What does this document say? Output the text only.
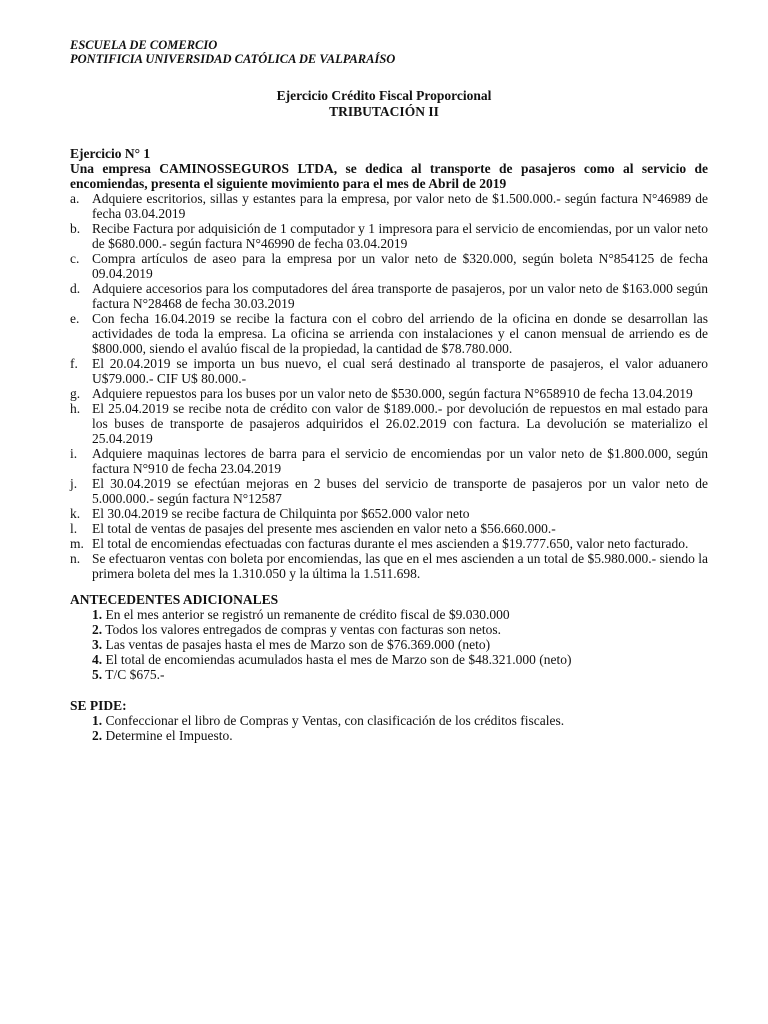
ESCUELA DE COMERCIO
PONTIFICIA UNIVERSIDAD CATÓLICA DE VALPARAÍSO
Ejercicio Crédito Fiscal Proporcional
TRIBUTACIÓN II
Ejercicio N° 1
Una empresa CAMINOSSEGUROS LTDA, se dedica al transporte de pasajeros como al servicio de encomiendas, presenta el siguiente movimiento para el mes de Abril de 2019
a. Adquiere escritorios, sillas y estantes para la empresa, por valor neto de $1.500.000.- según factura N°46989 de fecha 03.04.2019
b. Recibe Factura por adquisición de 1 computador y 1 impresora para el servicio de encomiendas, por un valor neto de $680.000.- según factura N°46990 de fecha 03.04.2019
c. Compra artículos de aseo para la empresa por un valor neto de $320.000, según boleta N°854125 de fecha 09.04.2019
d. Adquiere accesorios para los computadores del área transporte de pasajeros, por un valor neto de $163.000 según factura N°28468 de fecha 30.03.2019
e. Con fecha 16.04.2019 se recibe la factura con el cobro del arriendo de la oficina en donde se desarrollan las actividades de toda la empresa. La oficina se arrienda con instalaciones y el canon mensual de arriendo es de $800.000, siendo el avalúo fiscal de la propiedad, la cantidad de $78.780.000.
f.	El 20.04.2019 se importa un bus nuevo, el cual será destinado al transporte de pasajeros, el valor aduanero U$79.000.- CIF U$ 80.000.-
g. Adquiere repuestos para los buses por un valor neto de $530.000, según factura N°658910 de fecha 13.04.2019
h. El 25.04.2019 se recibe nota de crédito con valor de $189.000.- por devolución de repuestos en mal estado para los buses de transporte de pasajeros adquiridos el 26.02.2019 con factura. La devolución se materializo el 25.04.2019
i.	Adquiere maquinas lectores de barra para el servicio de encomiendas por un valor neto de $1.800.000, según factura N°910 de fecha 23.04.2019
j.	El 30.04.2019 se efectúan mejoras en 2 buses del servicio de transporte de pasajeros por un valor neto de 5.000.000.- según factura N°12587
k. El 30.04.2019 se recibe factura de Chilquinta por $652.000 valor neto
l.	El total de ventas de pasajes del presente mes ascienden en valor neto a $56.660.000.-
m. El total de encomiendas efectuadas con facturas durante el mes ascienden a $19.777.650, valor neto facturado.
n. Se efectuaron ventas con boleta por encomiendas, las que en el mes ascienden a un total de $5.980.000.- siendo la primera boleta del mes la 1.310.050 y la última la 1.511.698.
ANTECEDENTES ADICIONALES
1. En el mes anterior se registró un remanente de crédito fiscal de $9.030.000
2. Todos los valores entregados de compras y ventas con facturas son netos.
3. Las ventas de pasajes hasta el mes de Marzo son de $76.369.000 (neto)
4. El total de encomiendas acumulados hasta el mes de Marzo son de $48.321.000 (neto)
5. T/C $675.-
SE PIDE:
1. Confeccionar el libro de Compras y Ventas, con clasificación de los créditos fiscales.
2. Determine el Impuesto.
